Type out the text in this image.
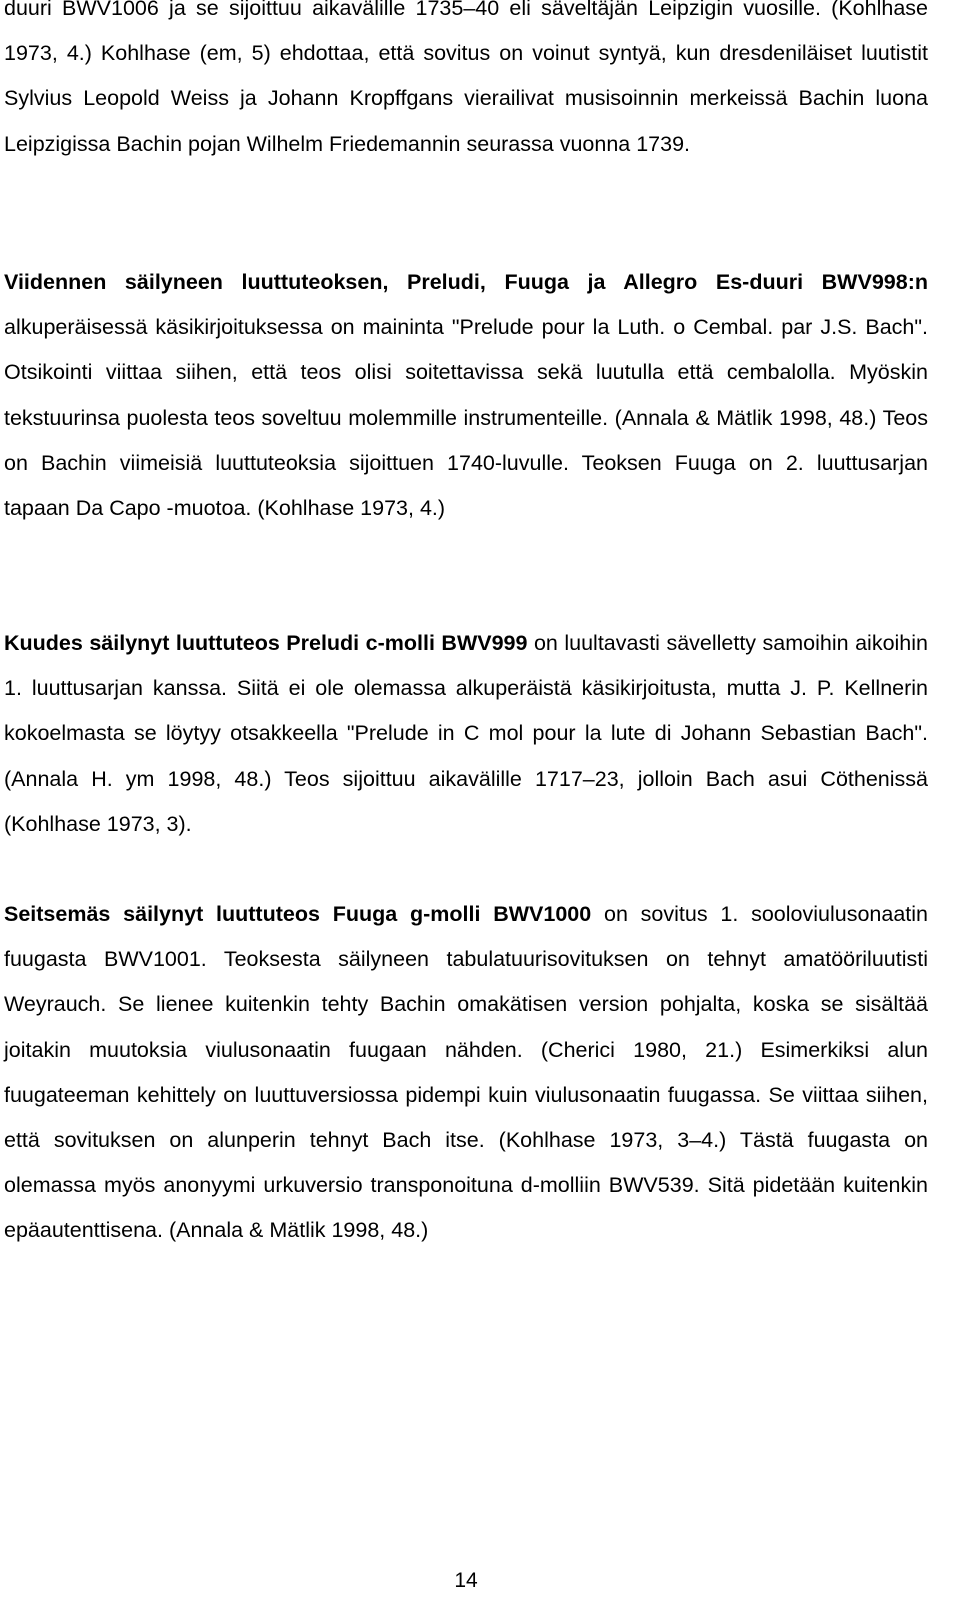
duuri BWV1006 ja se sijoittuu aikavälille 1735–40 eli säveltäjän Leipzigin vuosille. (Kohlhase 1973, 4.) Kohlhase (em, 5) ehdottaa, että sovitus on voinut syntyä, kun dresdeniläiset luutistit Sylvius Leopold Weiss ja Johann Kropffgans vierailivat musisoinnin merkeissä Bachin luona Leipzigissa Bachin pojan Wilhelm Friedemannin seurassa vuonna 1739.

Viidennen säilyneen luuttuteoksen, Preludi, Fuuga ja Allegro Es-duuri BWV998:n alkuperäisessä käsikirjoituksessa on maininta "Prelude pour la Luth. o Cembal. par J.S. Bach". Otsikointi viittaa siihen, että teos olisi soitettavissa sekä luutulla että cembalolla. Myöskin tekstuurinsa puolesta teos soveltuu molemmille instrumenteille. (Annala & Mätlik 1998, 48.) Teos on Bachin viimeisiä luuttuteoksia sijoittuen 1740-luvulle. Teoksen Fuuga on 2. luuttusarjan tapaan Da Capo -muotoa. (Kohlhase 1973, 4.)

Kuudes säilynyt luuttuteos Preludi c-molli BWV999 on luultavasti sävelletty samoihin aikoihin 1. luuttusarjan kanssa. Siitä ei ole olemassa alkuperäistä käsikirjoitusta, mutta J. P. Kellnerin kokoelmasta se löytyy otsakkeella "Prelude in C mol pour la lute di Johann Sebastian Bach". (Annala H. ym 1998, 48.) Teos sijoittuu aikavälille 1717–23, jolloin Bach asui Cöthenissä (Kohlhase 1973, 3).

Seitsemäs säilynyt luuttuteos Fuuga g-molli BWV1000 on sovitus 1. sooloviulusonaatin fuugasta BWV1001. Teoksesta säilyneen tabulatuurisovituksen on tehnyt amatööriluutisti Weyrauch. Se lienee kuitenkin tehty Bachin omakätisen version pohjalta, koska se sisältää joitakin muutoksia viulusonaatin fuugaan nähden. (Cherici 1980, 21.) Esimerkiksi alun fuugateeman kehittely on luuttuversiossa pidempi kuin viulusonaatin fuugassa. Se viittaa siihen, että sovituksen on alunperin tehnyt Bach itse. (Kohlhase 1973, 3–4.) Tästä fuugasta on olemassa myös anonyymi urkuversio transponoituna d-molliin BWV539. Sitä pidetään kuitenkin epäautenttisena. (Annala & Mätlik 1998, 48.)

14
